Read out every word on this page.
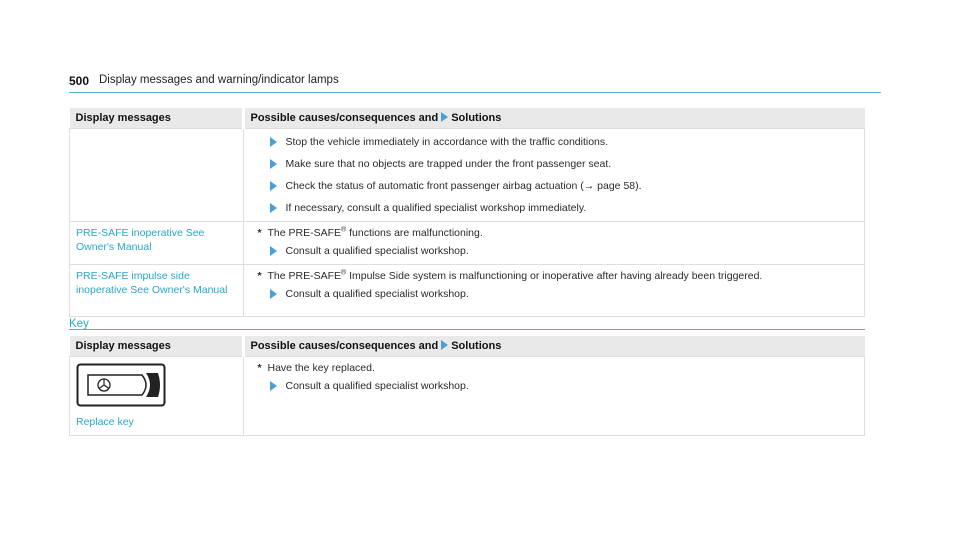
500 Display messages and warning/indicator lamps
Display messages	Possible causes/consequences and Solutions

Stop the vehicle immediately in accordance with the traffic conditions.
Make sure that no objects are trapped under the front passenger seat.
Check the status of automatic front passenger airbag actuation (→ page 58).
If necessary, consult a qualified specialist workshop immediately.

PRE-SAFE inoperative See Owner's Manual	* The PRE-SAFE® functions are malfunctioning.
Consult a qualified specialist workshop.

PRE-SAFE impulse side inoperative See Owner's Manual	* The PRE-SAFE® Impulse Side system is malfunctioning or inoperative after having already been triggered.
Consult a qualified specialist workshop.
Key
Display messages	Possible causes/consequences and Solutions

Replace key	* Have the key replaced.
Consult a qualified specialist workshop.
